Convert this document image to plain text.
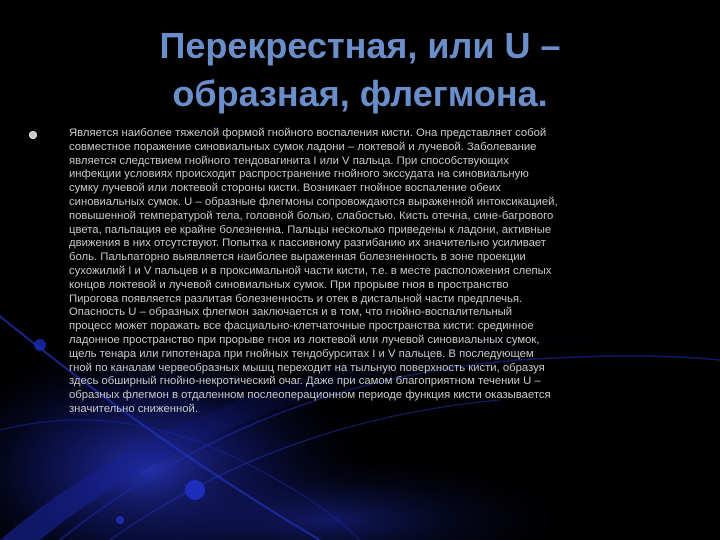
Перекрестная, или U –
образная, флегмона.

Является наиболее тяжелой формой гнойного воспаления кисти. Она представляет собой
совместное поражение синовиальных сумок ладони – локтевой и лучевой. Заболевание
является следствием гнойного тендовагинита I или V пальца. При способствующих
инфекции условиях происходит распространение гнойного экссудата на синовиальную
сумку лучевой или локтевой стороны кисти. Возникает гнойное воспаление обеих
синовиальных сумок. U – образные флегмоны сопровождаются выраженной интоксикацией,
повышенной температурой тела, головной болью, слабостью. Кисть отечна, сине-багрового
цвета, пальпация ее крайне болезненна. Пальцы несколько приведены к ладони, активные
движения в них отсутствуют. Попытка к пассивному разгибанию их значительно усиливает
боль. Пальпаторно выявляется наиболее выраженная болезненность в зоне проекции
сухожилий I и V пальцев и в проксимальной части кисти, т.е. в месте расположения слепых
концов локтевой и лучевой синовиальных сумок. При прорыве гноя в пространство
Пирогова появляется разлитая болезненность и отек в дистальной части предплечья.
Опасность U – образных флегмон заключается и в том, что гнойно-воспалительный
процесс может поражать все фасциально-клетчаточные пространства кисти: срединное
ладонное пространство при прорыве гноя из локтевой или лучевой синовиальных сумок,
щель тенара или гипотенара при гнойных тендобурситах I и V пальцев. В последующем
гной по каналам червеобразных мышц переходит на тыльную поверхность кисти, образуя
здесь обширный гнойно-некротический очаг. Даже при самом благоприятном течении U –
образных флегмон в отдаленном послеоперационном периоде функция кисти оказывается
значительно сниженной.
